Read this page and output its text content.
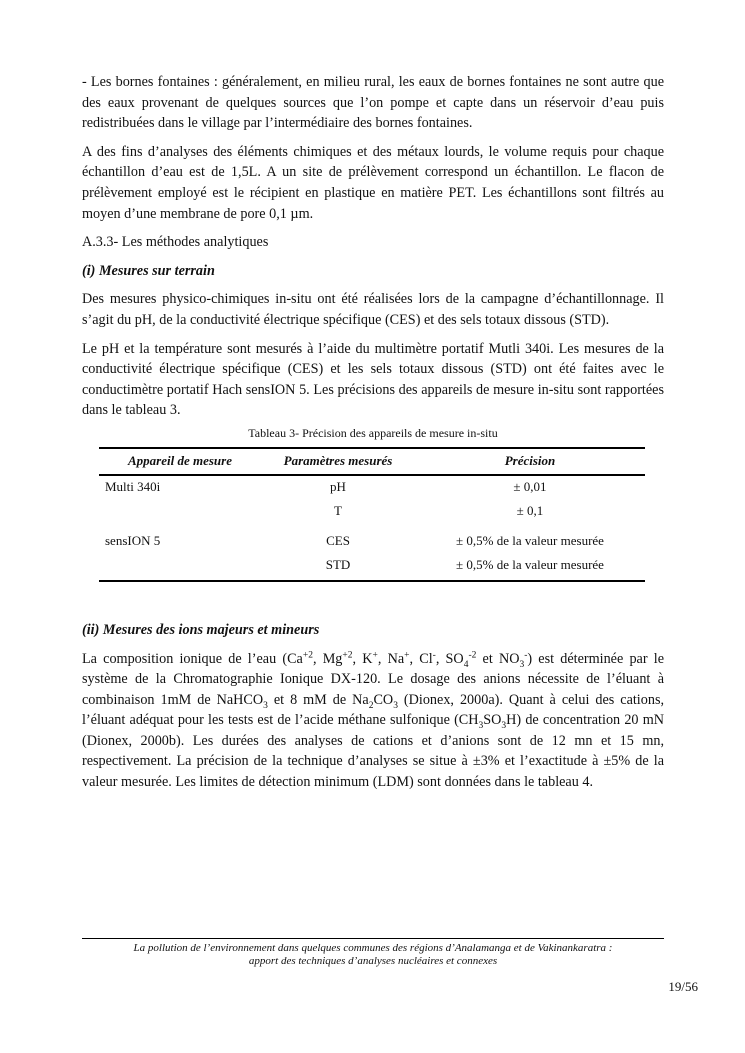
- Les bornes fontaines : généralement, en milieu rural, les eaux de bornes fontaines ne sont autre que des eaux provenant de quelques sources que l’on pompe et capte dans un réservoir d’eau puis redistribuées dans le village par l’intermédiaire des bornes fontaines.

A des fins d’analyses des éléments chimiques et des métaux lourds, le volume requis pour chaque échantillon d’eau est de 1,5L. A un site de prélèvement correspond un échantillon. Le flacon de prélèvement employé est le récipient en plastique en matière PET. Les échantillons sont filtrés au moyen d’une membrane de pore 0,1 µm.

A.3.3- Les méthodes analytiques

(i) Mesures sur terrain

Des mesures physico-chimiques in-situ ont été réalisées lors de la campagne d’échantillonnage. Il s’agit du pH, de la conductivité électrique spécifique (CES) et des sels totaux dissous (STD).

Le pH et la température sont mesurés à l’aide du multimètre portatif Mutli 340i. Les mesures de la conductivité électrique spécifique (CES) et les sels totaux dissous (STD) ont été faites avec le conductimètre portatif Hach sensION 5. Les précisions des appareils de mesure in-situ sont rapportées dans le tableau 3.

Tableau 3- Précision des appareils de mesure in-situ
Appareil de mesure	Paramètres mesurés	Précision
Multi 340i	pH	± 0,01
	T	± 0,1
sensION 5	CES	± 0,5% de la valeur mesurée
	STD	± 0,5% de la valeur mesurée

(ii) Mesures des ions majeurs et mineurs

La composition ionique de l’eau ($Ca^{+2}$, $Mg^{+2}$, K+, Na+, Cl-, $SO_4^{-2}$ et $NO_3^-$) est déterminée par le système de la Chromatographie Ionique DX-120. Le dosage des anions nécessite de l’éluant à combinaison 1mM de NaHCO$_3$ et 8 mM de $Na_2CO_3$ (Dionex, 2000a). Quant à celui des cations, l’éluant adéquat pour les tests est de l’acide méthane sulfonique $(CH_3SO_3H)$ de concentration 20 mN (Dionex, 2000b). Les durées des analyses de cations et d’anions sont de 12 mn et 15 mn, respectivement. La précision de la technique d’analyses se situe à ±3% et l’exactitude à ±5% de la valeur mesurée. Les limites de détection minimum (LDM) sont données dans le tableau 4.

La pollution de l’environnement dans quelques communes des régions d’Analamanga et de Vakinankaratra :
apport des techniques d’analyses nucléaires et connexes
19/56
